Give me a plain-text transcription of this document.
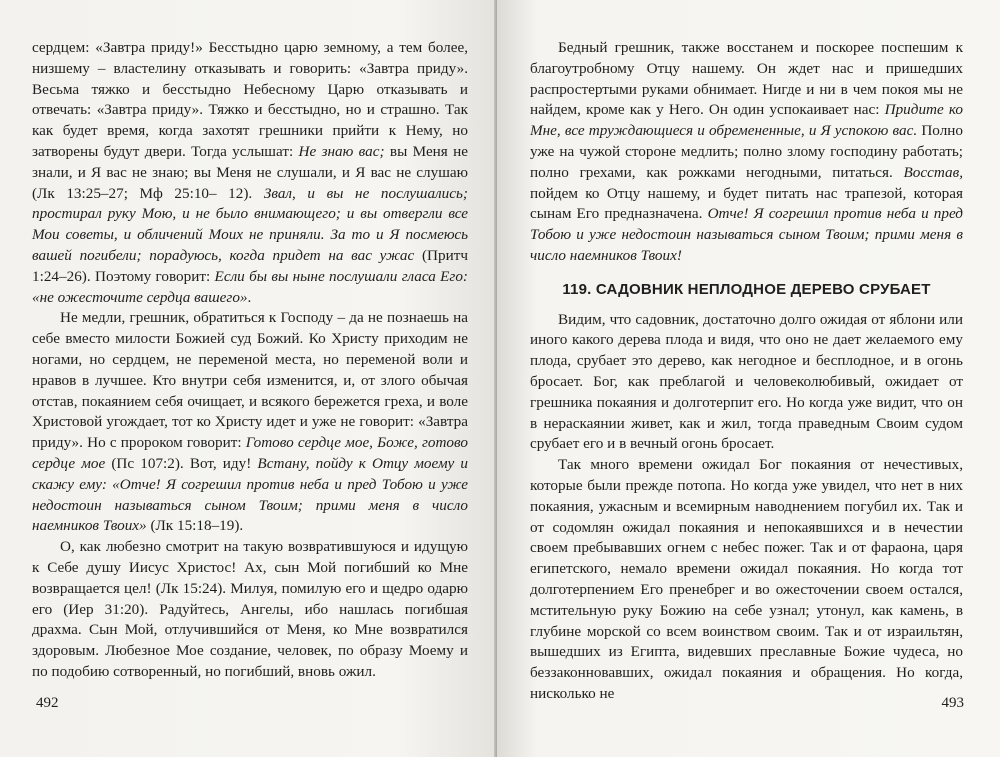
сердцем: «Завтра приду!» Бесстыдно царю земному, а тем более, низшему – властелину отказывать и говорить: «Завтра приду». Весьма тяжко и бесстыдно Небесному Царю отказывать и отвечать: «Завтра приду». Тяжко и бесстыдно, но и страшно. Так как будет время, когда захотят грешники прийти к Нему, но затворены будут двери. Тогда услышат: Не знаю вас; вы Меня не знали, и Я вас не знаю; вы Меня не слушали, и Я вас не слушаю (Лк 13:25–27; Мф 25:10– 12). Звал, и вы не послушались; простирал руку Мою, и не было внимающего; и вы отвергли все Мои советы, и обличений Моих не приняли. За то и Я посмеюсь вашей погибели; порадуюсь, когда придет на вас ужас (Притч 1:24–26). Поэтому говорит: Если бы вы ныне послушали гласа Его: «не ожесточите сердца вашего».

Не медли, грешник, обратиться к Господу – да не познаешь на себе вместо милости Божией суд Божий. Ко Христу приходим не ногами, но сердцем, не переменой места, но переменой воли и нравов в лучшее. Кто внутри себя изменится, и, от злого обычая отстав, покаянием себя очищает, и всякого бережется греха, и воле Христовой угождает, тот ко Христу идет и уже не говорит: «Завтра приду». Но с пророком говорит: Готово сердце мое, Боже, готово сердце мое (Пс 107:2). Вот, иду! Встану, пойду к Отцу моему и скажу ему: «Отче! Я согрешил против неба и пред Тобою и уже недостоин называться сыном Твоим; прими меня в число наемников Твоих» (Лк 15:18–19).

О, как любезно смотрит на такую возвратившуюся и идущую к Себе душу Иисус Христос! Ах, сын Мой погибший ко Мне возвращается цел! (Лк 15:24). Милуя, помилую его и щедро одарю его (Иер 31:20). Радуйтесь, Ангелы, ибо нашлась погибшая драхма. Сын Мой, отлучившийся от Меня, ко Мне возвратился здоровым. Любезное Мое создание, человек, по образу Моему и по подобию сотворенный, но погибший, вновь ожил.

492

Бедный грешник, также восстанем и поскорее поспешим к благоутробному Отцу нашему. Он ждет нас и пришедших распростертыми руками обнимает. Нигде и ни в чем покоя мы не найдем, кроме как у Него. Он один успокаивает нас: Придите ко Мне, все труждающиеся и обремененные, и Я успокою вас. Полно уже на чужой стороне медлить; полно злому господину работать; полно грехами, как рожками негодными, питаться. Восстав, пойдем ко Отцу нашему, и будет питать нас трапезой, которая сынам Его предназначена. Отче! Я согрешил против неба и пред Тобою и уже недостоин называться сыном Твоим; прими меня в число наемников Твоих!

119. САДОВНИК НЕПЛОДНОЕ ДЕРЕВО СРУБАЕТ

Видим, что садовник, достаточно долго ожидая от яблони или иного какого дерева плода и видя, что оно не дает желаемого ему плода, срубает это дерево, как негодное и бесплодное, и в огонь бросает. Бог, как преблагой и человеколюбивый, ожидает от грешника покаяния и долготерпит его. Но когда уже видит, что он в нераскаянии живет, как и жил, тогда праведным Своим судом срубает его и в вечный огонь бросает.

Так много времени ожидал Бог покаяния от нечестивых, которые были прежде потопа. Но когда уже увидел, что нет в них покаяния, ужасным и всемирным наводнением погубил их. Так и от содомлян ожидал покаяния и непокаявшихся и в нечестии своем пребывавших огнем с небес пожег. Так и от фараона, царя египетского, немало времени ожидал покаяния. Но когда тот долготерпением Его пренебрег и во ожесточении своем остался, мстительную руку Божию на себе узнал; утонул, как камень, в глубине морской со всем воинством своим. Так и от израильтян, вышедших из Египта, видевших преславные Божие чудеса, но беззаконновавших, ожидал покаяния и обращения. Но когда, нисколько не

493
